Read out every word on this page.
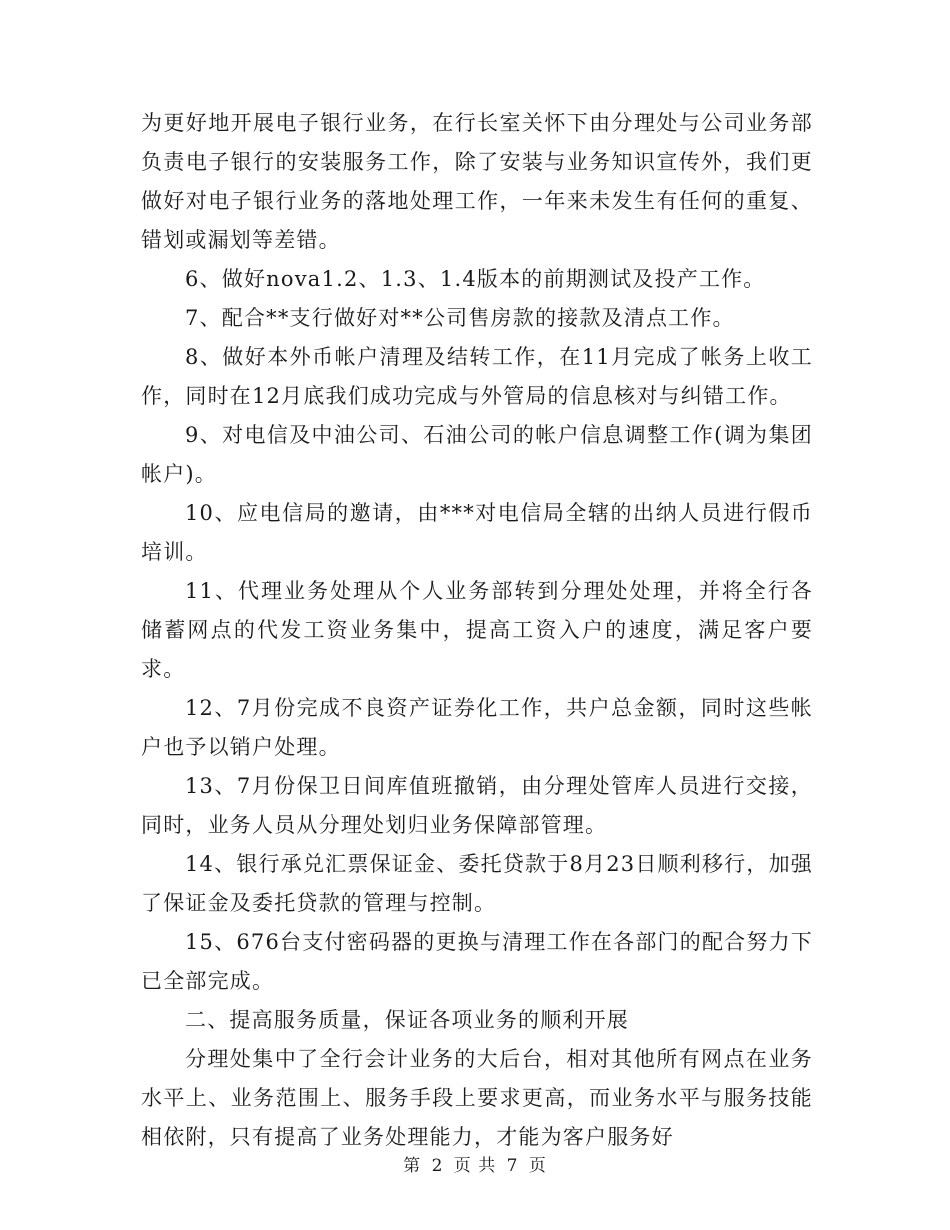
为更好地开展电子银行业务，在行长室关怀下由分理处与公司业务部负责电子银行的安装服务工作，除了安装与业务知识宣传外，我们更做好对电子银行业务的落地处理工作，一年来未发生有任何的重复、错划或漏划等差错。

6、做好nova1.2、1.3、1.4版本的前期测试及投产工作。

7、配合**支行做好对**公司售房款的接款及清点工作。

8、做好本外币帐户清理及结转工作，在11月完成了帐务上收工作，同时在12月底我们成功完成与外管局的信息核对与纠错工作。

9、对电信及中油公司、石油公司的帐户信息调整工作(调为集团帐户)。

10、应电信局的邀请，由***对电信局全辖的出纳人员进行假币培训。

11、代理业务处理从个人业务部转到分理处处理，并将全行各储蓄网点的代发工资业务集中，提高工资入户的速度，满足客户要求。

12、7月份完成不良资产证券化工作，共户总金额，同时这些帐户也予以销户处理。

13、7月份保卫日间库值班撤销，由分理处管库人员进行交接，同时，业务人员从分理处划归业务保障部管理。

14、银行承兑汇票保证金、委托贷款于8月23日顺利移行，加强了保证金及委托贷款的管理与控制。

15、676台支付密码器的更换与清理工作在各部门的配合努力下已全部完成。

二、提高服务质量，保证各项业务的顺利开展

分理处集中了全行会计业务的大后台，相对其他所有网点在业务水平上、业务范围上、服务手段上要求更高，而业务水平与服务技能相依附，只有提高了业务处理能力，才能为客户服务好

第 2 页 共 7 页
